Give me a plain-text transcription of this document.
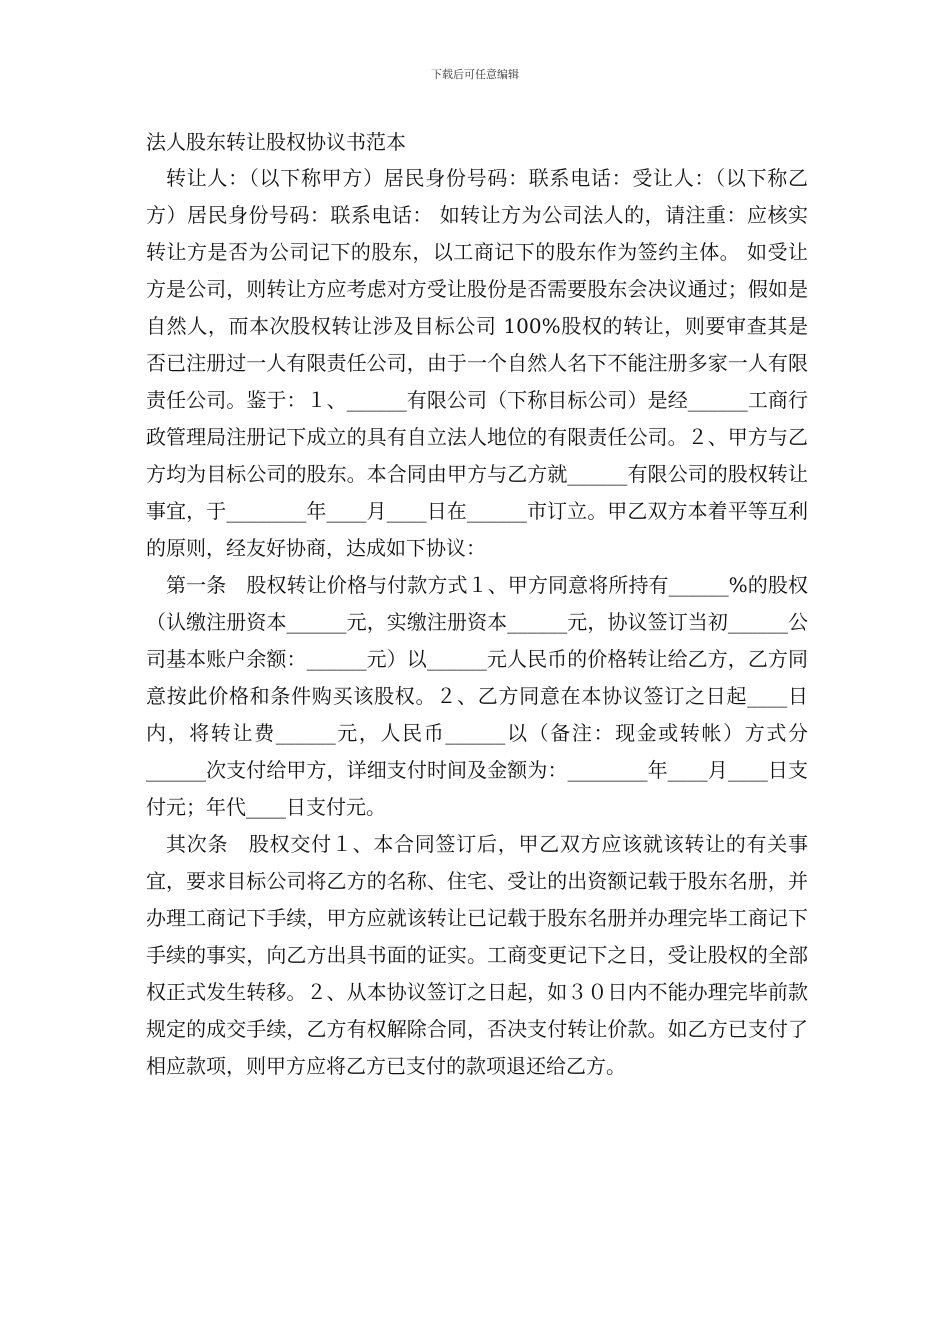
下载后可任意编辑

法人股东转让股权协议书范本

转让人：（以下称甲方）居民身份号码：联系电话：受让人：（以下称乙方）居民身份号码：联系电话： 如转让方为公司法人的，请注重：应核实转让方是否为公司记下的股东，以工商记下的股东作为签约主体。 如受让方是公司，则转让方应考虑对方受让股份是否需要股东会决议通过；假如是自然人，而本次股权转让涉及目标公司 100%股权的转让，则要审查其是否已注册过一人有限责任公司，由于一个自然人名下不能注册多家一人有限责任公司。鉴于：１、______有限公司（下称目标公司）是经______工商行政管理局注册记下成立的具有自立法人地位的有限责任公司。２、甲方与乙方均为目标公司的股东。本合同由甲方与乙方就______有限公司的股权转让事宜，于________年____月____日在______市订立。甲乙双方本着平等互利的原则，经友好协商，达成如下协议：

第一条　股权转让价格与付款方式１、甲方同意将所持有______%的股权（认缴注册资本______元，实缴注册资本______元，协议签订当初______公司基本账户余额：______元）以______元人民币的价格转让给乙方，乙方同意按此价格和条件购买该股权。２、乙方同意在本协议签订之日起____日内，将转让费______元，人民币______以（备注：现金或转帐）方式分______次支付给甲方，详细支付时间及金额为：________年____月____日支付元；年代____日支付元。

其次条　股权交付１、本合同签订后，甲乙双方应该就该转让的有关事宜，要求目标公司将乙方的名称、住宅、受让的出资额记载于股东名册，并办理工商记下手续，甲方应就该转让已记载于股东名册并办理完毕工商记下手续的事实，向乙方出具书面的证实。工商变更记下之日，受让股权的全部权正式发生转移。２、从本协议签订之日起，如３０日内不能办理完毕前款规定的成交手续，乙方有权解除合同，否决支付转让价款。如乙方已支付了相应款项，则甲方应将乙方已支付的款项退还给乙方。
